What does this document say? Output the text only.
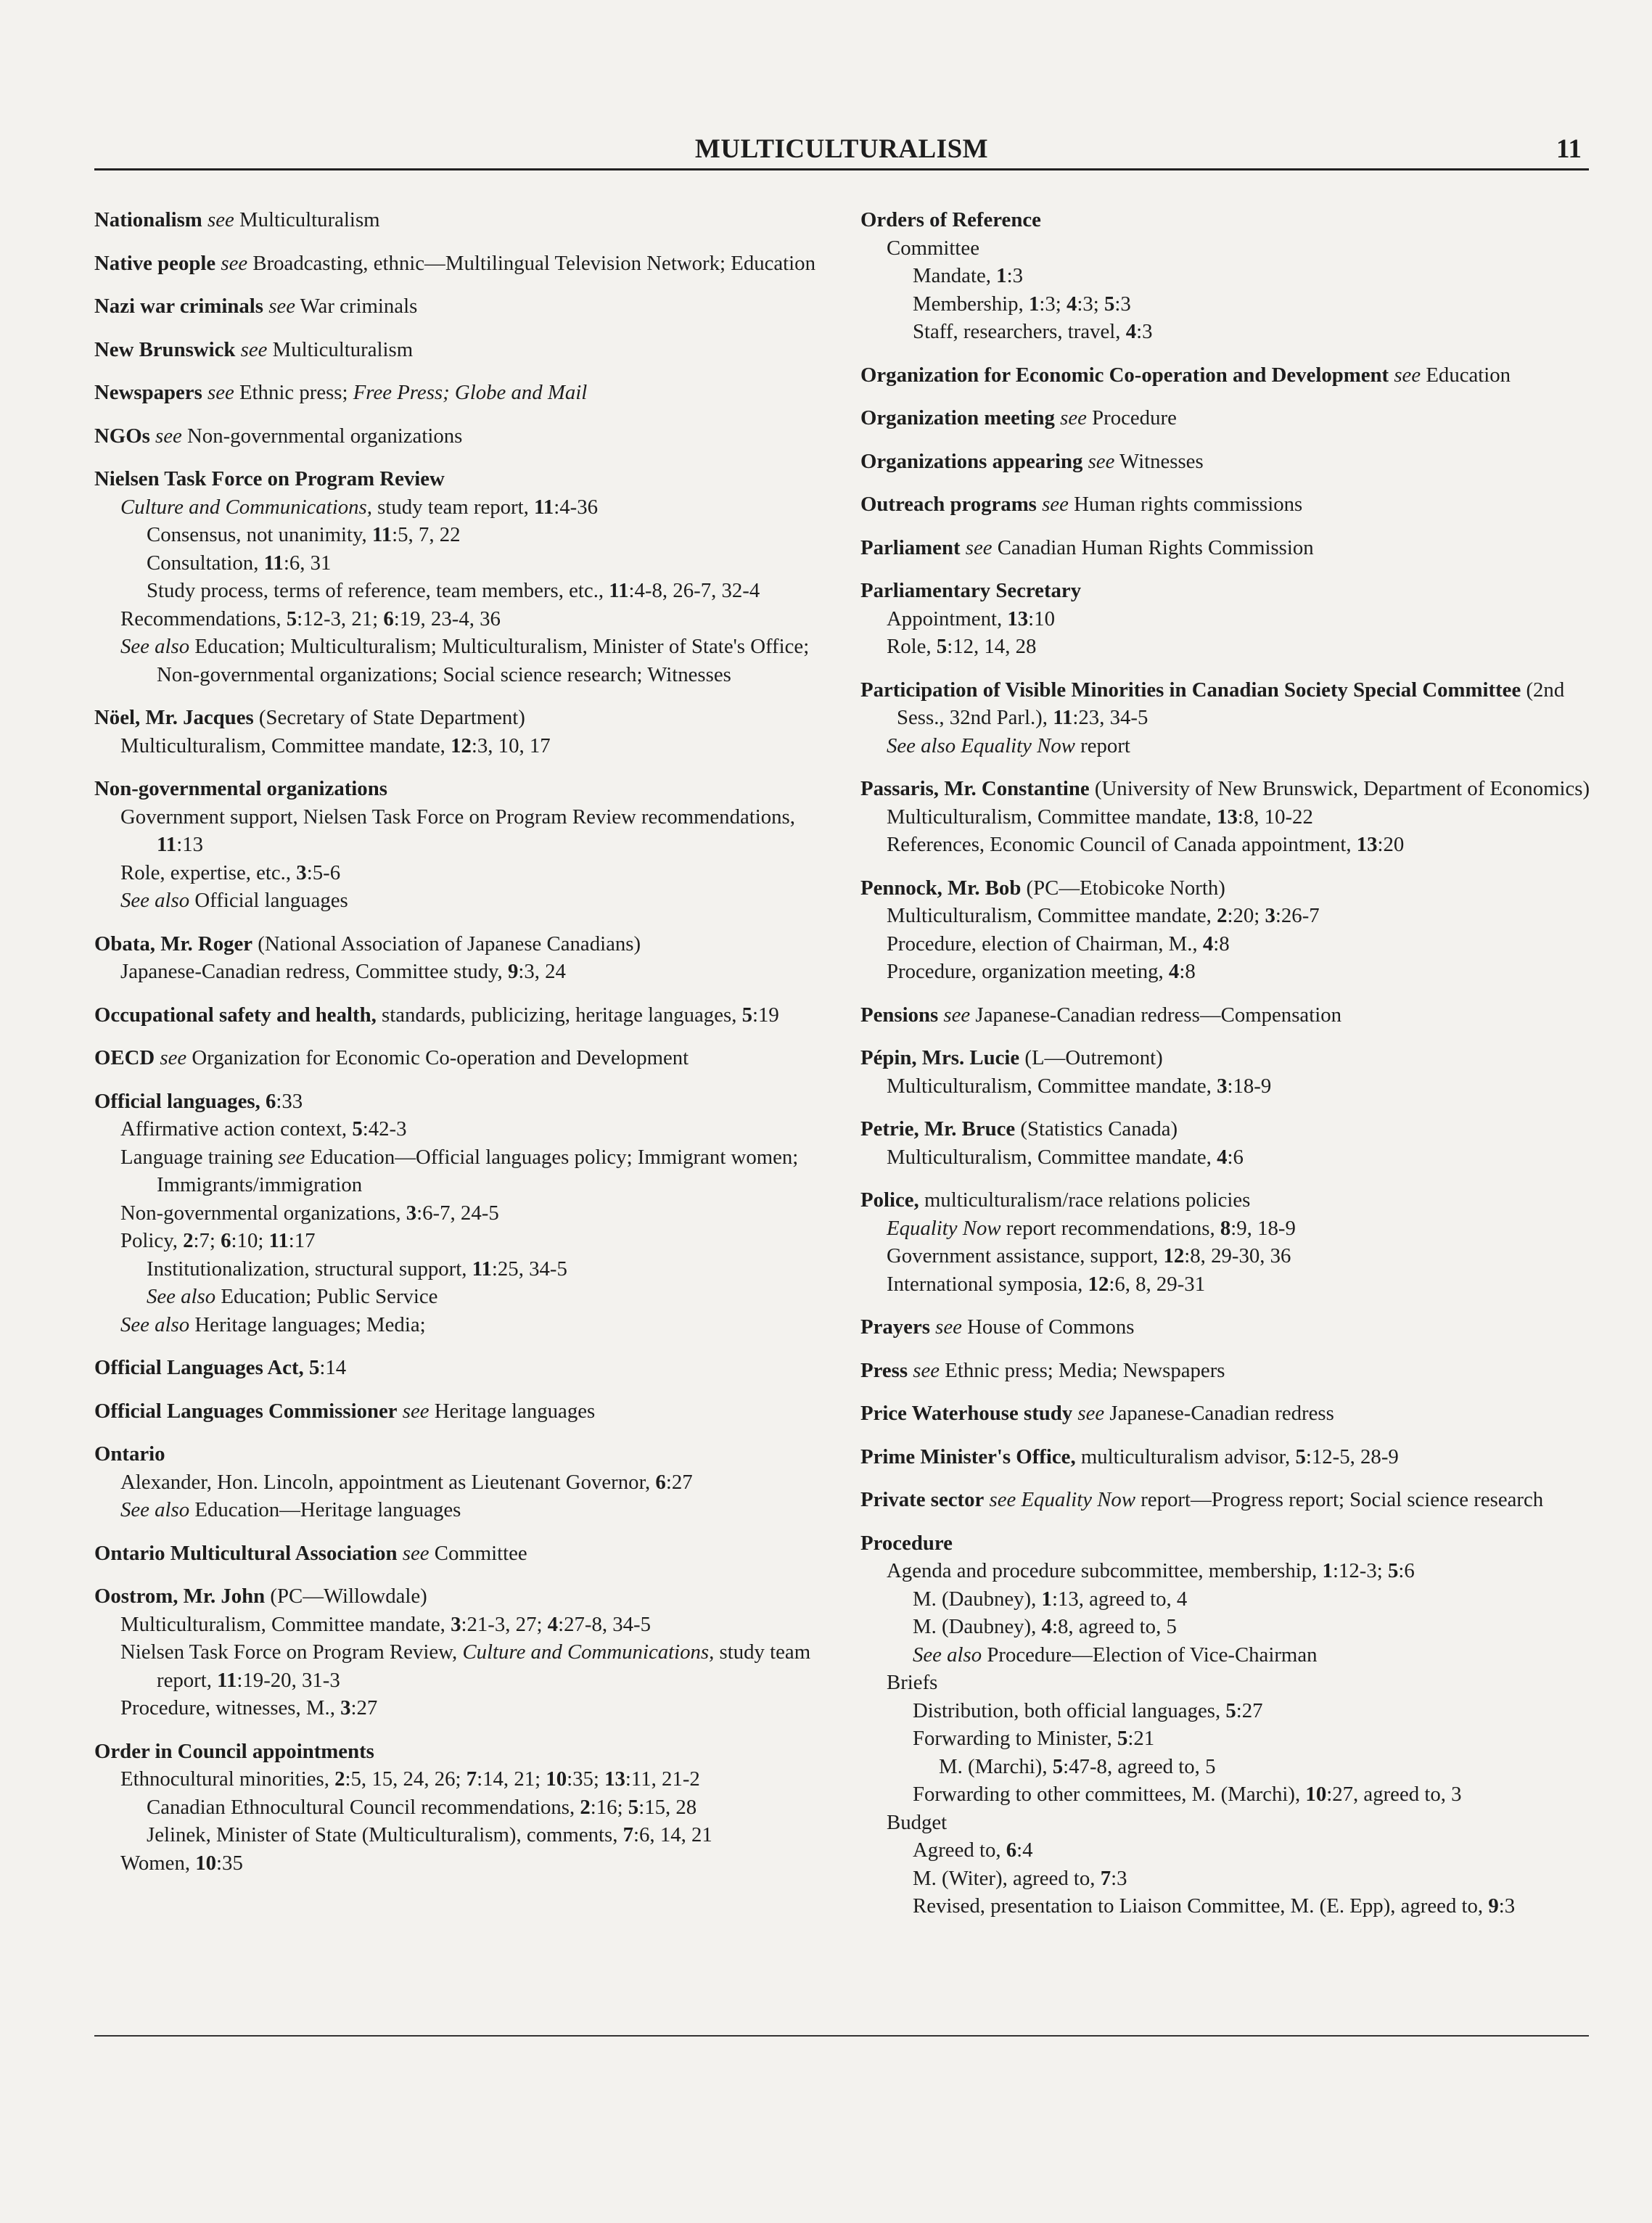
MULTICULTURALISM	11
Nationalism see Multiculturalism
Native people see Broadcasting, ethnic—Multilingual Television Network; Education
Nazi war criminals see War criminals
New Brunswick see Multiculturalism
Newspapers see Ethnic press; Free Press; Globe and Mail
NGOs see Non-governmental organizations
Nielsen Task Force on Program Review
Culture and Communications, study team report, 11:4-36
Consensus, not unanimity, 11:5, 7, 22
Consultation, 11:6, 31
Study process, terms of reference, team members, etc., 11:4-8, 26-7, 32-4
Recommendations, 5:12-3, 21; 6:19, 23-4, 36
See also Education; Multiculturalism; Multiculturalism, Minister of State's Office; Non-governmental organizations; Social science research; Witnesses
Nöel, Mr. Jacques (Secretary of State Department)
Multiculturalism, Committee mandate, 12:3, 10, 17
Non-governmental organizations
Government support, Nielsen Task Force on Program Review recommendations, 11:13
Role, expertise, etc., 3:5-6
See also Official languages
Obata, Mr. Roger (National Association of Japanese Canadians)
Japanese-Canadian redress, Committee study, 9:3, 24
Occupational safety and health, standards, publicizing, heritage languages, 5:19
OECD see Organization for Economic Co-operation and Development
Official languages, 6:33
Affirmative action context, 5:42-3
Language training see Education—Official languages policy; Immigrant women; Immigrants/immigration
Non-governmental organizations, 3:6-7, 24-5
Policy, 2:7; 6:10; 11:17
Institutionalization, structural support, 11:25, 34-5
See also Education; Public Service
See also Heritage languages; Media;
Official Languages Act, 5:14
Official Languages Commissioner see Heritage languages
Ontario
Alexander, Hon. Lincoln, appointment as Lieutenant Governor, 6:27
See also Education—Heritage languages
Ontario Multicultural Association see Committee
Oostrom, Mr. John (PC—Willowdale)
Multiculturalism, Committee mandate, 3:21-3, 27; 4:27-8, 34-5
Nielsen Task Force on Program Review, Culture and Communications, study team report, 11:19-20, 31-3
Procedure, witnesses, M., 3:27
Order in Council appointments
Ethnocultural minorities, 2:5, 15, 24, 26; 7:14, 21; 10:35; 13:11, 21-2
Canadian Ethnocultural Council recommendations, 2:16; 5:15, 28
Jelinek, Minister of State (Multiculturalism), comments, 7:6, 14, 21
Women, 10:35
Orders of Reference
Committee
Mandate, 1:3
Membership, 1:3; 4:3; 5:3
Staff, researchers, travel, 4:3
Organization for Economic Co-operation and Development see Education
Organization meeting see Procedure
Organizations appearing see Witnesses
Outreach programs see Human rights commissions
Parliament see Canadian Human Rights Commission
Parliamentary Secretary
Appointment, 13:10
Role, 5:12, 14, 28
Participation of Visible Minorities in Canadian Society Special Committee (2nd Sess., 32nd Parl.), 11:23, 34-5
See also Equality Now report
Passaris, Mr. Constantine (University of New Brunswick, Department of Economics)
Multiculturalism, Committee mandate, 13:8, 10-22
References, Economic Council of Canada appointment, 13:20
Pennock, Mr. Bob (PC—Etobicoke North)
Multiculturalism, Committee mandate, 2:20; 3:26-7
Procedure, election of Chairman, M., 4:8
Procedure, organization meeting, 4:8
Pensions see Japanese-Canadian redress—Compensation
Pépin, Mrs. Lucie (L—Outremont)
Multiculturalism, Committee mandate, 3:18-9
Petrie, Mr. Bruce (Statistics Canada)
Multiculturalism, Committee mandate, 4:6
Police, multiculturalism/race relations policies
Equality Now report recommendations, 8:9, 18-9
Government assistance, support, 12:8, 29-30, 36
International symposia, 12:6, 8, 29-31
Prayers see House of Commons
Press see Ethnic press; Media; Newspapers
Price Waterhouse study see Japanese-Canadian redress
Prime Minister's Office, multiculturalism advisor, 5:12-5, 28-9
Private sector see Equality Now report—Progress report; Social science research
Procedure
Agenda and procedure subcommittee, membership, 1:12-3; 5:6
M. (Daubney), 1:13, agreed to, 4
M. (Daubney), 4:8, agreed to, 5
See also Procedure—Election of Vice-Chairman
Briefs
Distribution, both official languages, 5:27
Forwarding to Minister, 5:21
M. (Marchi), 5:47-8, agreed to, 5
Forwarding to other committees, M. (Marchi), 10:27, agreed to, 3
Budget
Agreed to, 6:4
M. (Witer), agreed to, 7:3
Revised, presentation to Liaison Committee, M. (E. Epp), agreed to, 9:3
